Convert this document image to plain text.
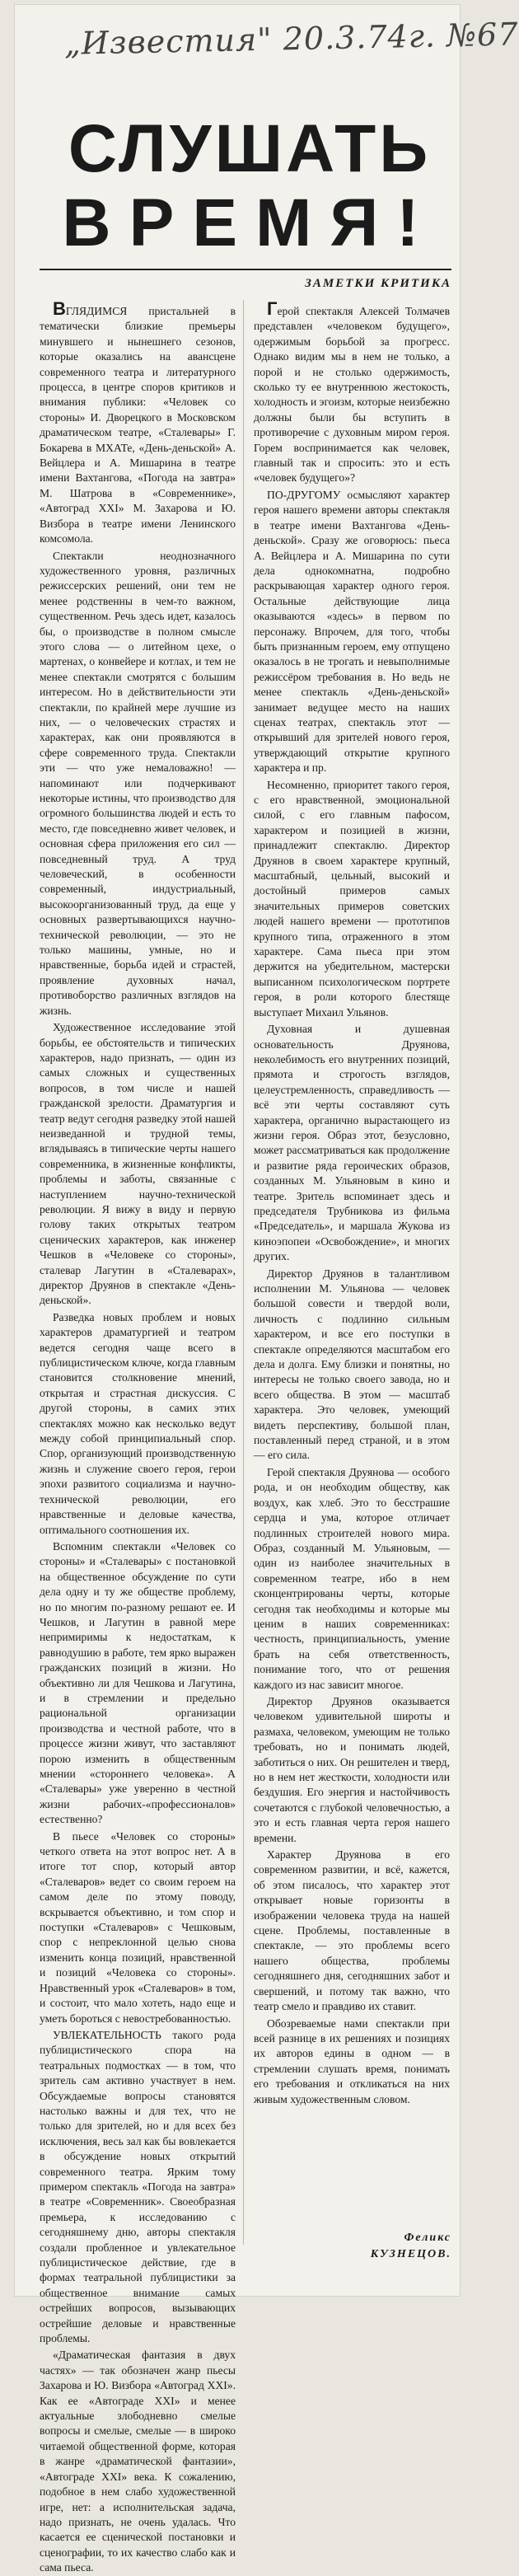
„Известия" 20.3.74г. №67
СЛУШАТЬ
ВРЕМЯ!
ЗАМЕТКИ КРИТИКА

ВГЛЯДИМСЯ пристальней в тематически близкие премьеры минувшего и нынешнего сезонов, которые оказались на авансцене современного театра и литературного процесса, в центре споров критиков и внимания публики: «Человек со стороны» И. Дворецкого в Московском драматическом театре, «Сталевары» Г. Бокарева в МХАТе, «День-деньской» А. Вейцлера и А. Мишарина в театре имени Вахтангова, «Погода на завтра» М. Шатрова в «Современнике», «Автоград XXI» М. Захарова и Ю. Визбора в театре имени Ленинского комсомола.

Спектакли неоднозначного художественного уровня, различных режиссерских решений, они тем не менее родственны в чем-то важном, существенном. Речь здесь идет, казалось бы, о производстве в полном смысле этого слова — о литейном цехе, о мартенах, о конвейере и котлах, и тем не менее спектакли смотрятся с большим интересом. Но в действительности эти спектакли, по крайней мере лучшие из них, — о человеческих страстях и характерах, как они проявляются в сфере современного труда. Спектакли эти — что уже немаловажно! — напоминают или подчеркивают некоторые истины, что производство для огромного большинства людей и есть то место, где повседневно живет человек, и основная сфера приложения его сил — повседневный труд. А труд человеческий, в особенности современный, индустриальный, высокоорганизованный труд, да еще у основных развертывающихся научно-технической революции, — это не только машины, умные, но и нравственные, борьба идей и страстей, проявление духовных начал, противоборство различных взглядов на жизнь.

Художественное исследование этой борьбы, ее обстоятельств и типических характеров, надо признать, — один из самых сложных и существенных вопросов, в том числе и нашей гражданской зрелости. Драматургия и театр ведут сегодня разведку этой нашей неизведанной и трудной темы, вглядываясь в типические черты нашего современника, в жизненные конфликты, проблемы и заботы, связанные с наступлением научно-технической революции. Я вижу в виду и первую голову таких открытых театром сценических характеров, как инженер Чешков в «Человеке со стороны», сталевар Лагутин в «Сталеварах», директор Друянов в спектакле «День-деньской».

Разведка новых проблем и новых характеров драматургией и театром ведется сегодня чаще всего в публицистическом ключе, когда главным становится столкновение мнений, открытая и страстная дискуссия. С другой стороны, в самих этих спектаклях можно как несколько ведут между собой принципиальный спор. Спор, организующий производственную жизнь и служение своего героя, герои эпохи развитого социализма и научно-технической революции, его нравственные и деловые качества, оптимального соотношения их.

Вспомним спектакли «Человек со стороны» и «Сталевары» с постановкой на общественное обсуждение по сути дела одну и ту же обществе проблему, но по многим по-разному решают ее. И Чешков, и Лагутин в равной мере непримиримы к недостаткам, к равнодушию в работе, тем ярко выражен гражданских позиций в жизни. Но объективно ли для Чешкова и Лагутина, и в стремлении и предельно рациональной организации производства и честной работе, что в процессе жизни живут, что заставляют порою изменить в общественным мнении «стороннего человека». А «Сталевары» уже уверенно в честной жизни рабочих-«профессионалов» естественно?

В пьесе «Человек со стороны» четкого ответа на этот вопрос нет. А в итоге тот спор, который автор «Сталеваров» ведет со своим героем на самом деле по этому поводу, вскрывается объективно, и том спор и поступки «Сталеваров» с Чешковым, спор с непреклонной целью снова изменить конца позиций, нравственной и позиций «Человека со стороны». Нравственный урок «Сталеваров» в том, и состоит, что мало хотеть, надо еще и уметь бороться с невостребованностью.

УВЛЕКАТЕЛЬНОСТЬ такого рода публицистического спора на театральных подмостках — в том, что зритель сам активно участвует в нем. Обсуждаемые вопросы становятся настолько важны и для тех, что не только для зрителей, но и для всех без исключения, весь зал как бы вовлекается в обсуждение новых открытий современного театра. Ярким тому примером спектакль «Погода на завтра» в театре «Современник». Своеобразная премьера, к исследованию с сегодняшнему дню, авторы спектакля создали пробленное и увлекательное публицистическое действие, где в формах театральной публицистики за общественное внимание самых острейших вопросов, вызывающих острейшие деловые и нравственные проблемы.

«Драматическая фантазия в двух частях» — так обозначен жанр пьесы Захарова и Ю. Визбора «Автоград XXI». Как ее «Автограде XXI» и менее актуальные злободневно смелые вопросы и смелые, смелые — в широко читаемой общественной форме, которая в жанре «драматической фантазии», «Автограде XXI» века. К сожалению, подобное в нем слабо художественной игре, нет: а исполнительская задача, надо признать, не очень удалась. Что касается ее сценической постановки и сценографии, то их качество слабо как и сама пьеса.

Герой спектакля Алексей Толмачев представлен «человеком будущего», одержимым борьбой за прогресс. Однако видим мы в нем не только, а порой и не столько одержимость, сколько ту ее внутреннюю жестокость, холодность и эгоизм, которые неизбежно должны были бы вступить в противоречие с духовным миром героя. Горем воспринимается как человек, главный так и спросить: это и есть «человек будущего»?

ПО-ДРУГОМУ осмысляют характер героя нашего времени авторы спектакля в театре имени Вахтангова «День-деньской». Сразу же оговорюсь: пьеса А. Вейцлера и А. Мишарина по сути дела однокомнатна, подробно раскрывающая характер одного героя. Остальные действующие лица оказываются «здесь» в первом по персонажу. Впрочем, для того, чтобы быть признанным героем, ему отпущено оказалось в не трогать и невыполнимые режиссёром требования в. Но ведь не менее спектакль «День-деньской» занимает ведущее место на наших сценах театрах, спектакль этот — открывший для зрителей нового героя, утверждающий открытие крупного характера и пр.

Несомненно, приоритет такого героя, с его нравственной, эмоциональной силой, с его главным пафосом, характером и позицией в жизни, принадлежит спектаклю. Директор Друянов в своем характере крупный, масштабный, цельный, высокий и достойный примеров самых значительных примеров советских людей нашего времени — прототипов крупного типа, отраженного в этом характере. Сама пьеса при этом держится на убедительном, мастерски выписанном психологическом портрете героя, в роли которого блестяще выступает Михаил Ульянов.

Духовная и душевная основательность Друянова, неколебимость его внутренних позиций, прямота и строгость взглядов, целеустремленность, справедливость — всё эти черты составляют суть характера, органично вырастающего из жизни героя. Образ этот, безусловно, может рассматриваться как продолжение и развитие ряда героических образов, созданных М. Ульяновым в кино и театре. Зритель вспоминает здесь и председателя Трубникова из фильма «Председатель», и маршала Жукова из киноэпопеи «Освобождение», и многих других.

Директор Друянов в талантливом исполнении М. Ульянова — человек большой совести и твердой воли, личность с подлинно сильным характером, и все его поступки в спектакле определяются масштабом его дела и долга. Ему близки и понятны, но интересы не только своего завода, но и всего общества. В этом — масштаб характера. Это человек, умеющий видеть перспективу, большой план, поставленный перед страной, и в этом — его сила.

Герой спектакля Друянова — особого рода, и он необходим обществу, как воздух, как хлеб. Это то бесстрашие сердца и ума, которое отличает подлинных строителей нового мира. Образ, созданный М. Ульяновым, — один из наиболее значительных в современном театре, ибо в нем сконцентрированы черты, которые сегодня так необходимы и которые мы ценим в наших современниках: честность, принципиальность, умение брать на себя ответственность, понимание того, что от решения каждого из нас зависит многое.

Директор Друянов оказывается человеком удивительной широты и размаха, человеком, умеющим не только требовать, но и понимать людей, заботиться о них. Он решителен и тверд, но в нем нет жесткости, холодности или бездушия. Его энергия и настойчивость сочетаются с глубокой человечностью, а это и есть главная черта героя нашего времени.

Характер Друянова в его современном развитии, и всё, кажется, об этом писалось, что характер этот открывает новые горизонты в изображении человека труда на нашей сцене. Проблемы, поставленные в спектакле, — это проблемы всего нашего общества, проблемы сегодняшнего дня, сегодняшних забот и свершений, и потому так важно, что театр смело и правдиво их ставит.

Обозреваемые нами спектакли при всей разнице в их решениях и позициях их авторов едины в одном — в стремлении слушать время, понимать его требования и откликаться на них живым художественным словом.

Феликс КУЗНЕЦОВ.
